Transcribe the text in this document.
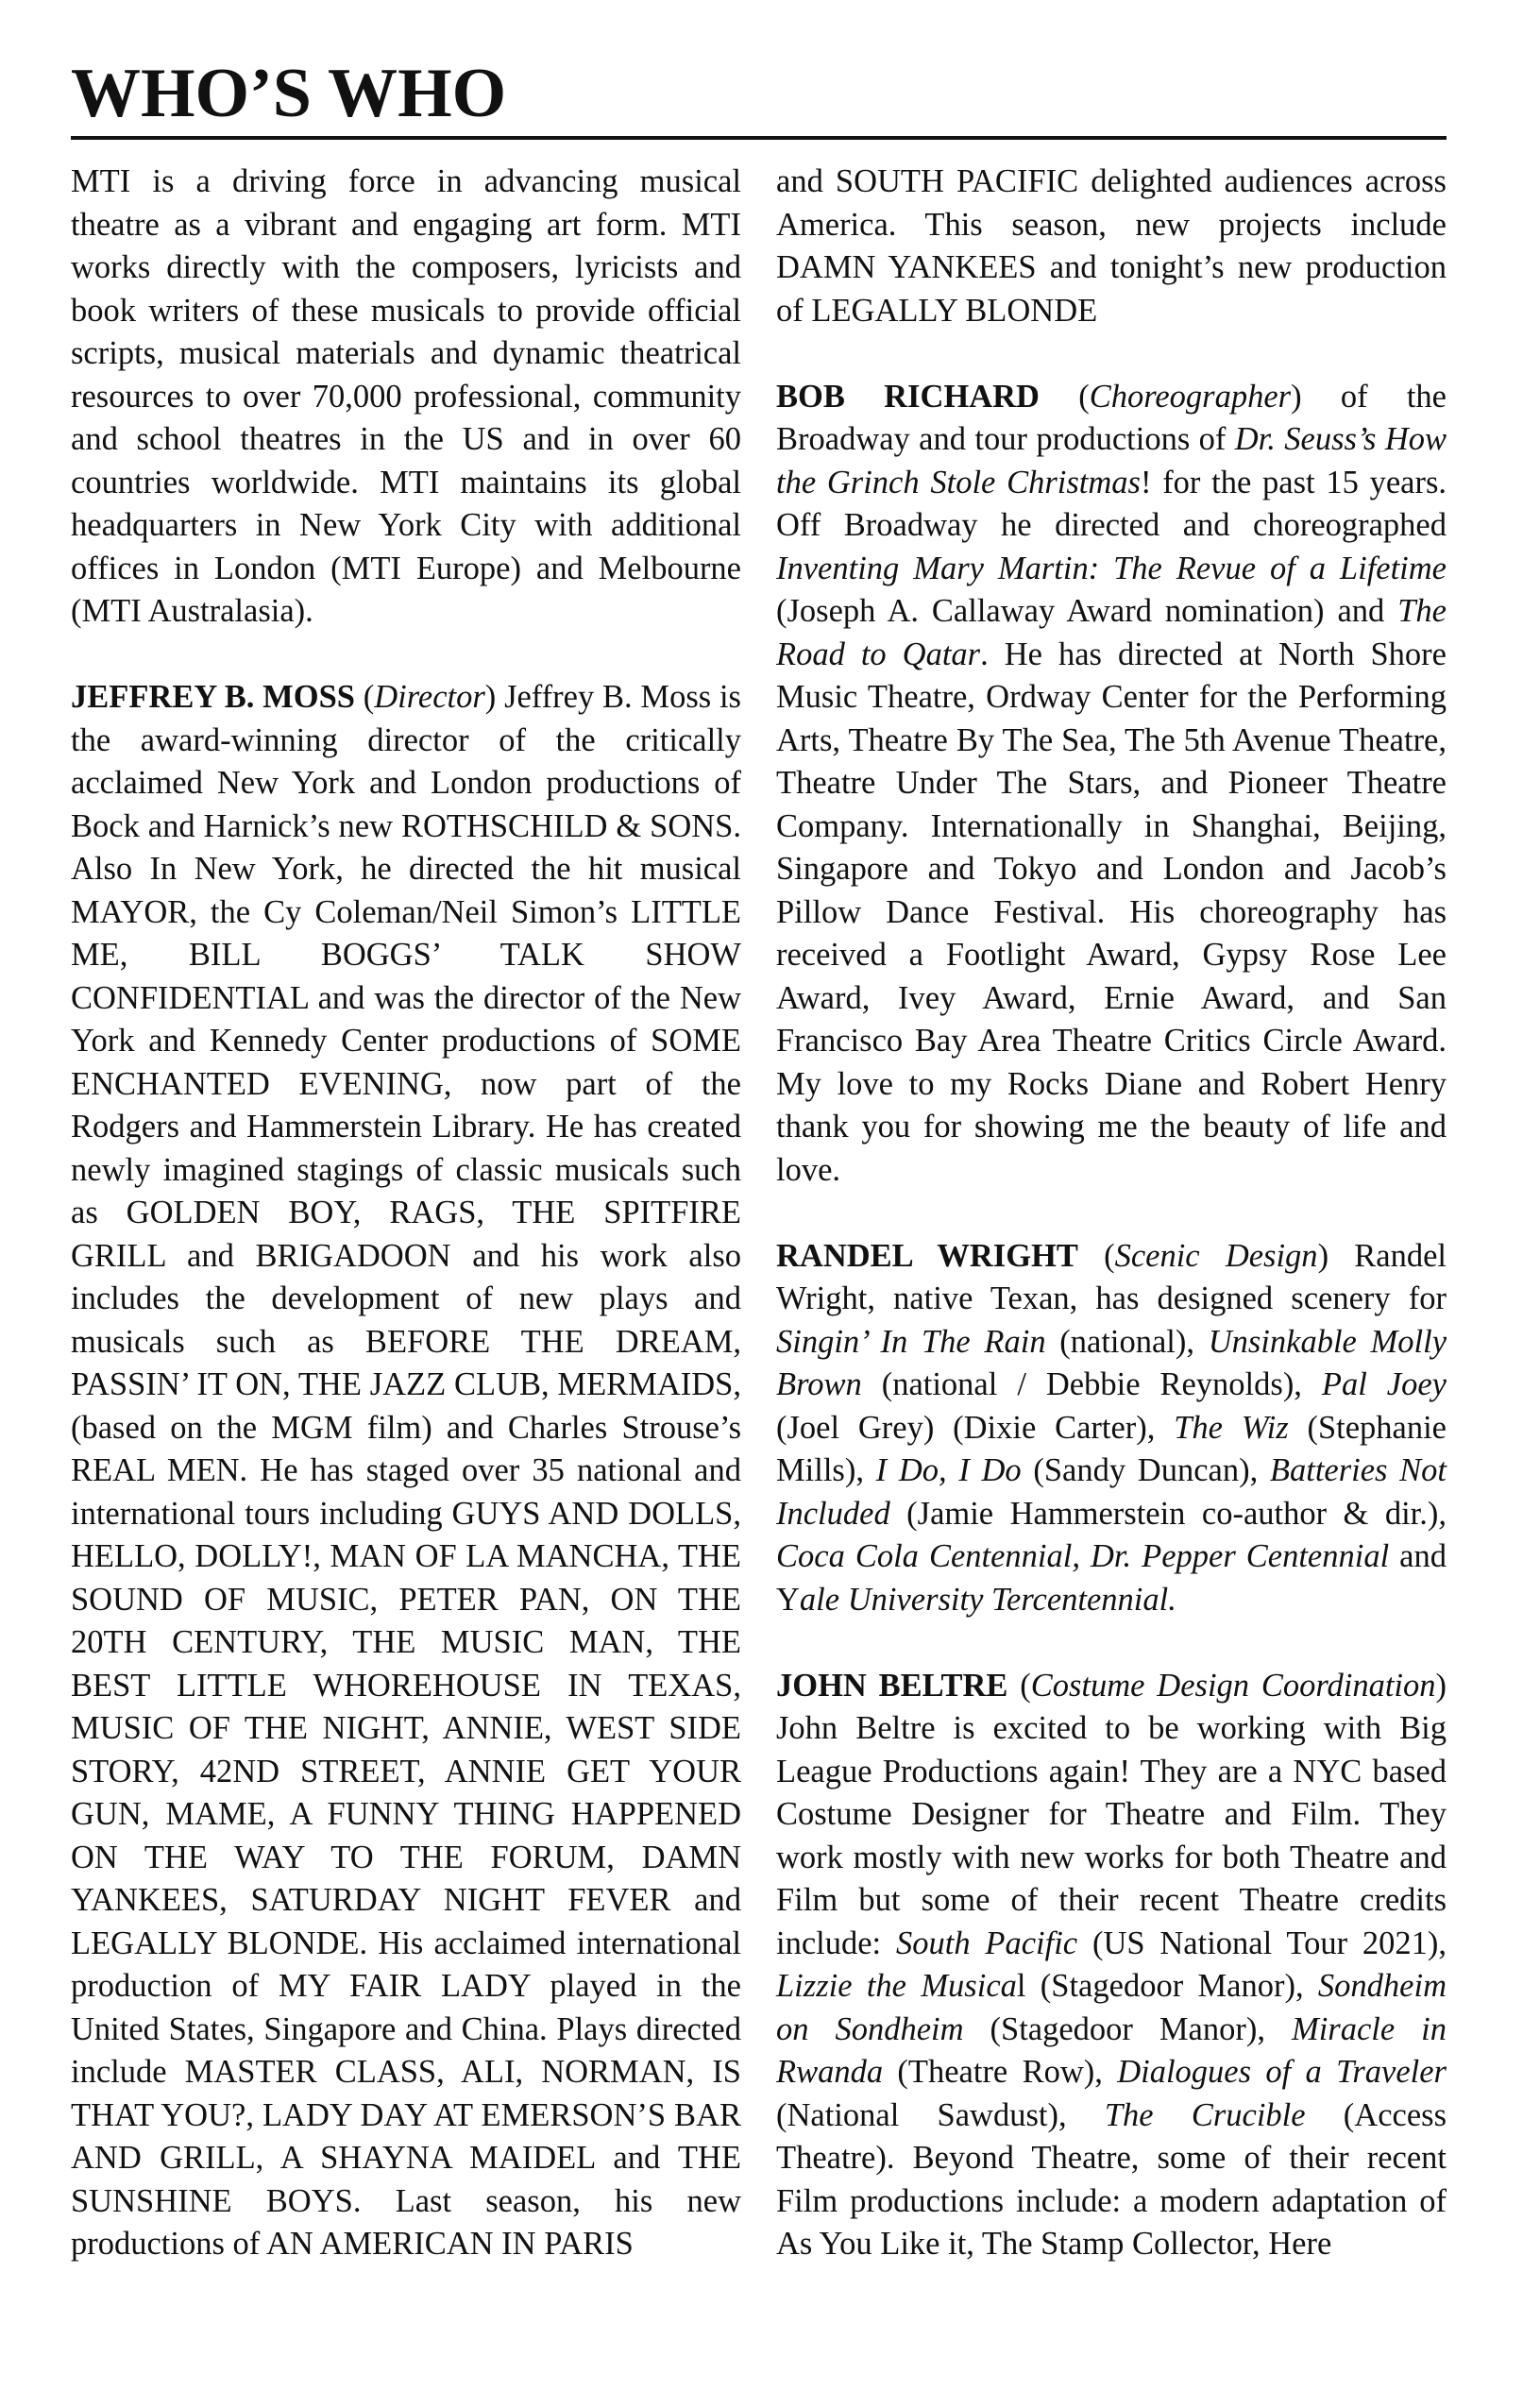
WHO’S WHO

MTI is a driving force in advancing musical theatre as a vibrant and engaging art form. MTI works directly with the composers, lyricists and book writers of these musicals to provide official scripts, musical materials and dynamic theatrical resources to over 70,000 professional, community and school theatres in the US and in over 60 countries worldwide. MTI maintains its global headquarters in New York City with additional offices in London (MTI Europe) and Melbourne (MTI Australasia).

JEFFREY B. MOSS (Director) Jeffrey B. Moss is the award-winning director of the critically acclaimed New York and London productions of Bock and Harnick’s new ROTHSCHILD & SONS. Also In New York, he directed the hit musical MAYOR, the Cy Coleman/Neil Simon’s LITTLE ME, BILL BOGGS’ TALK SHOW CONFIDENTIAL and was the director of the New York and Kennedy Center productions of SOME ENCHANTED EVENING, now part of the Rodgers and Hammerstein Library. He has created newly imagined stagings of classic musicals such as GOLDEN BOY, RAGS, THE SPITFIRE GRILL and BRIGADOON and his work also includes the development of new plays and musicals such as BEFORE THE DREAM, PASSIN’ IT ON, THE JAZZ CLUB, MERMAIDS, (based on the MGM film) and Charles Strouse’s REAL MEN. He has staged over 35 national and international tours including GUYS AND DOLLS, HELLO, DOLLY!, MAN OF LA MANCHA, THE SOUND OF MUSIC, PETER PAN, ON THE 20TH CENTURY, THE MUSIC MAN, THE BEST LITTLE WHOREHOUSE IN TEXAS, MUSIC OF THE NIGHT, ANNIE, WEST SIDE STORY, 42ND STREET, ANNIE GET YOUR GUN, MAME, A FUNNY THING HAPPENED ON THE WAY TO THE FORUM, DAMN YANKEES, SATURDAY NIGHT FEVER and LEGALLY BLONDE. His acclaimed international production of MY FAIR LADY played in the United States, Singapore and China. Plays directed include MASTER CLASS, ALI, NORMAN, IS THAT YOU?, LADY DAY AT EMERSON’S BAR AND GRILL, A SHAYNA MAIDEL and THE SUNSHINE BOYS. Last season, his new productions of AN AMERICAN IN PARIS

and SOUTH PACIFIC delighted audiences across America. This season, new projects include DAMN YANKEES and tonight’s new production of LEGALLY BLONDE

BOB RICHARD (Choreographer) of the Broadway and tour productions of Dr. Seuss’s How the Grinch Stole Christmas! for the past 15 years. Off Broadway he directed and choreographed Inventing Mary Martin: The Revue of a Lifetime (Joseph A. Callaway Award nomination) and The Road to Qatar. He has directed at North Shore Music Theatre, Ordway Center for the Performing Arts, Theatre By The Sea, The 5th Avenue Theatre, Theatre Under The Stars, and Pioneer Theatre Company. Internationally in Shanghai, Beijing, Singapore and Tokyo and London and Jacob’s Pillow Dance Festival. His choreography has received a Footlight Award, Gypsy Rose Lee Award, Ivey Award, Ernie Award, and San Francisco Bay Area Theatre Critics Circle Award. My love to my Rocks Diane and Robert Henry thank you for showing me the beauty of life and love.

RANDEL WRIGHT (Scenic Design) Randel Wright, native Texan, has designed scenery for Singin’ In The Rain (national), Unsinkable Molly Brown (national / Debbie Reynolds), Pal Joey (Joel Grey) (Dixie Carter), The Wiz (Stephanie Mills), I Do, I Do (Sandy Duncan), Batteries Not Included (Jamie Hammerstein co-author & dir.), Coca Cola Centennial, Dr. Pepper Centennial and Yale University Tercentennial.

JOHN BELTRE (Costume Design Coordination) John Beltre is excited to be working with Big League Productions again! They are a NYC based Costume Designer for Theatre and Film. They work mostly with new works for both Theatre and Film but some of their recent Theatre credits include: South Pacific (US National Tour 2021), Lizzie the Musical (Stagedoor Manor), Sondheim on Sondheim (Stagedoor Manor), Miracle in Rwanda (Theatre Row), Dialogues of a Traveler (National Sawdust), The Crucible (Access Theatre). Beyond Theatre, some of their recent Film productions include: a modern adaptation of As You Like it, The Stamp Collector, Here
